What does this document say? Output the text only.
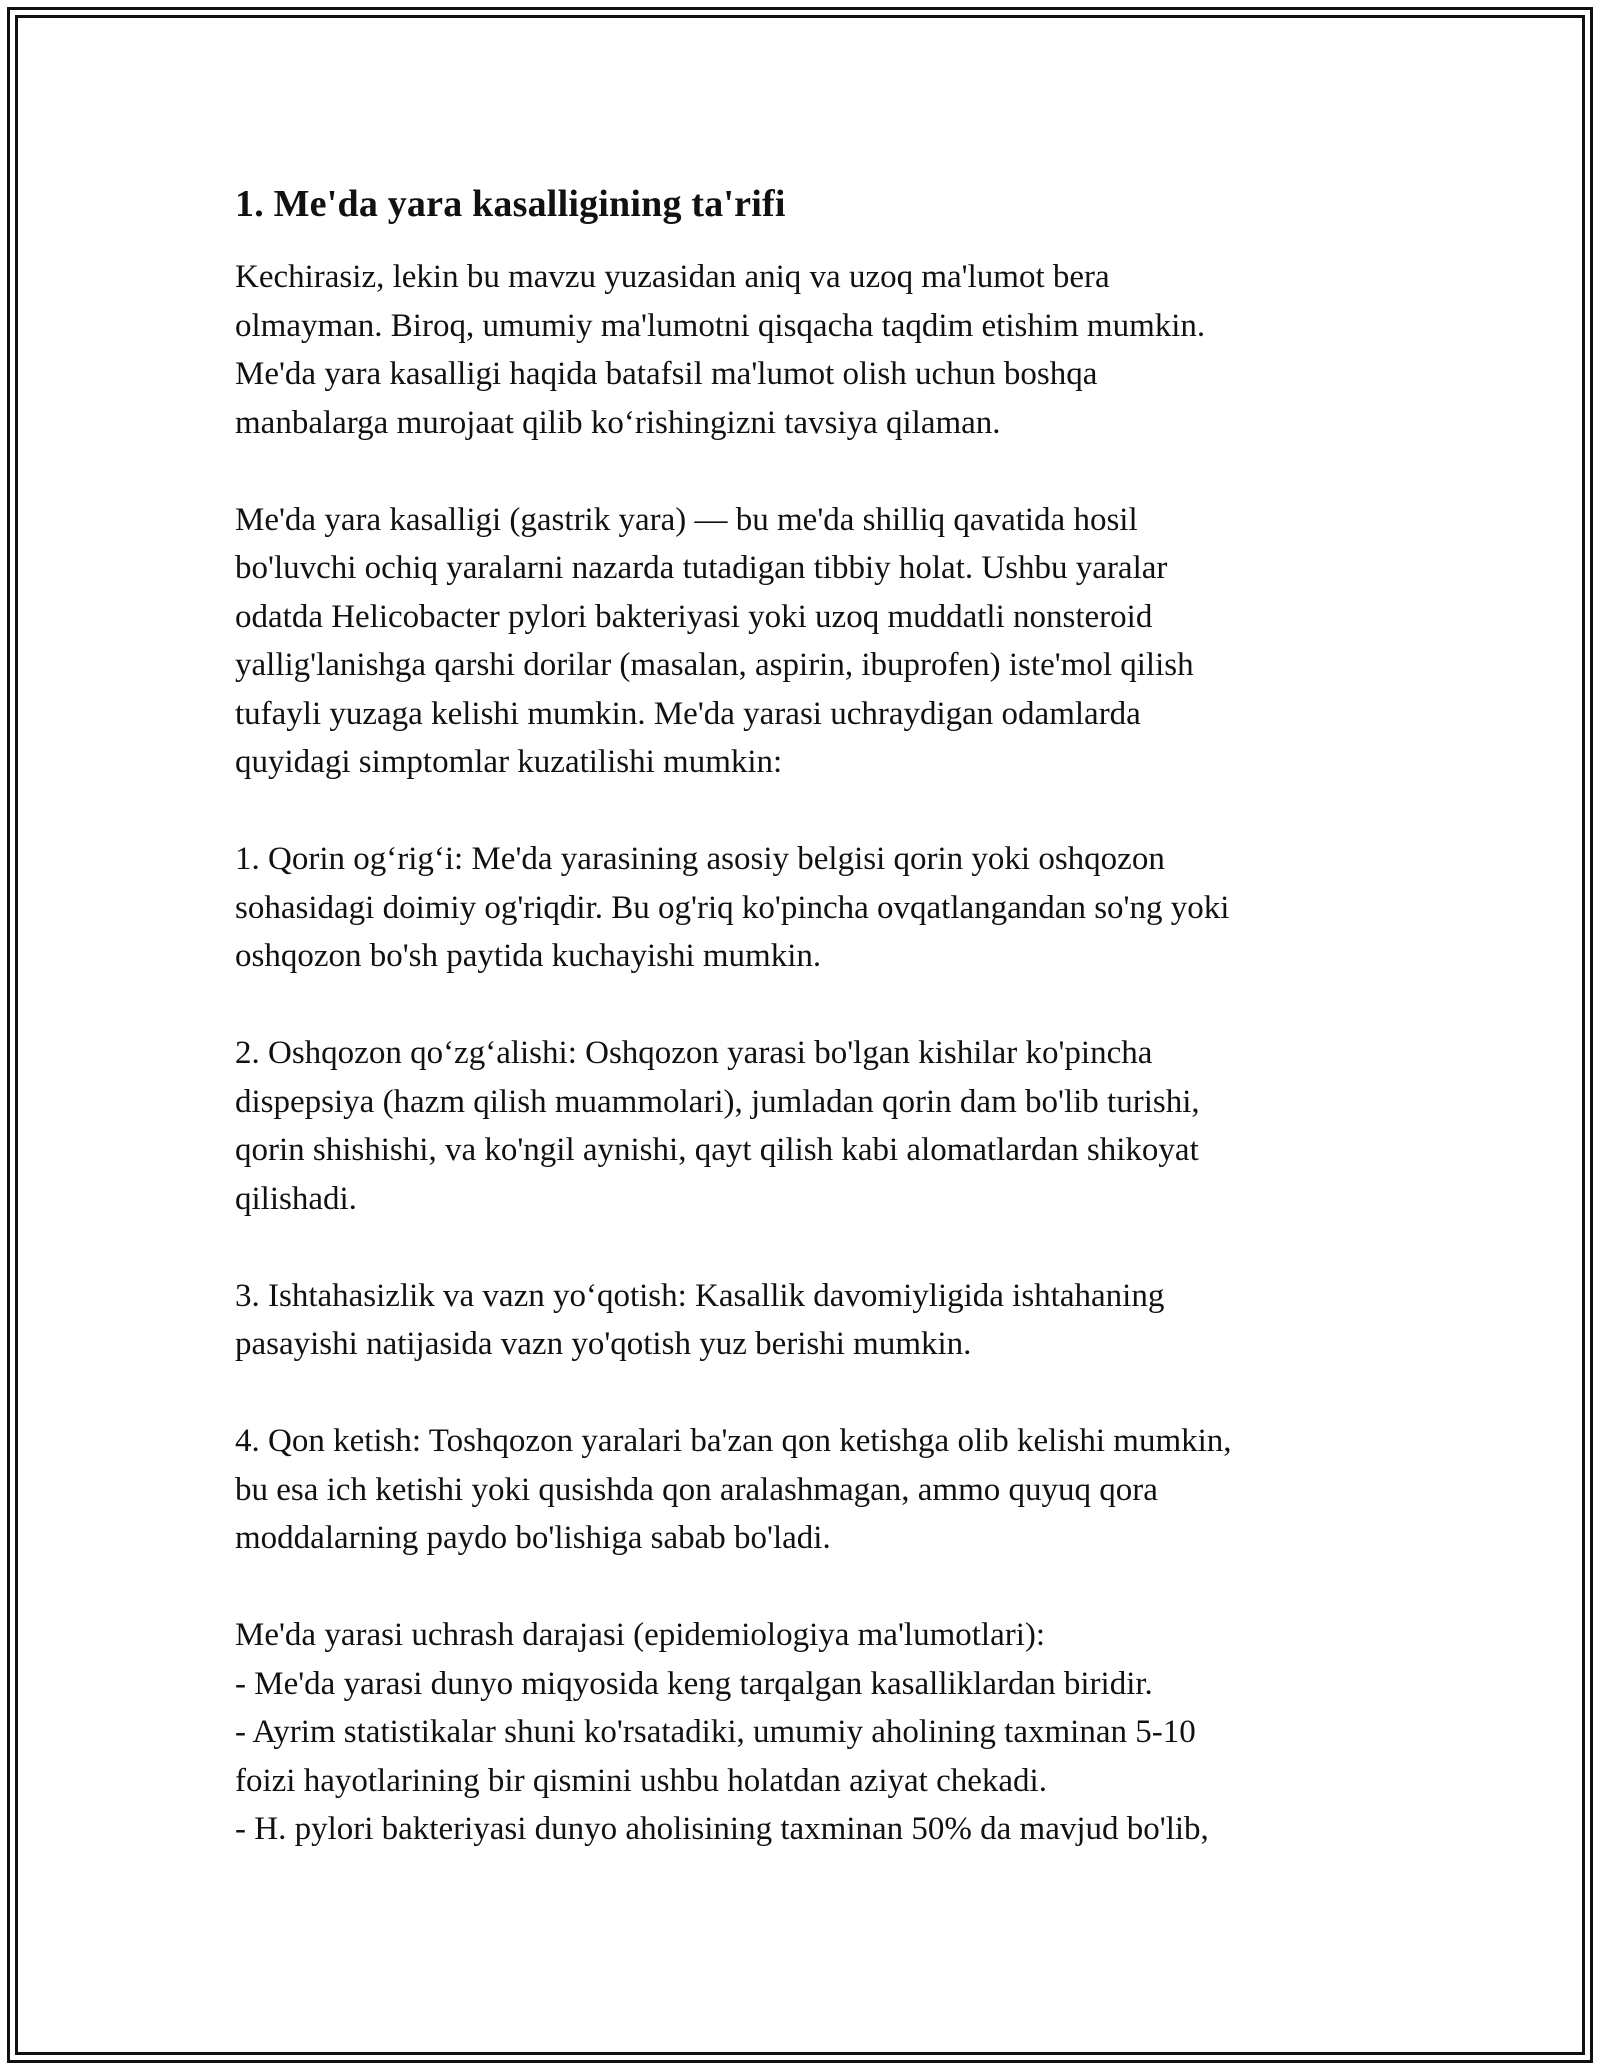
1. Me'da yara kasalligining ta'rifi

Kechirasiz, lekin bu mavzu yuzasidan aniq va uzoq ma'lumot bera
olmayman. Biroq, umumiy ma'lumotni qisqacha taqdim etishim mumkin.
Me'da yara kasalligi haqida batafsil ma'lumot olish uchun boshqa
manbalarga murojaat qilib ko‘rishingizni tavsiya qilaman.

Me'da yara kasalligi (gastrik yara) — bu me'da shilliq qavatida hosil
bo'luvchi ochiq yaralarni nazarda tutadigan tibbiy holat. Ushbu yaralar
odatda Helicobacter pylori bakteriyasi yoki uzoq muddatli nonsteroid
yallig'lanishga qarshi dorilar (masalan, aspirin, ibuprofen) iste'mol qilish
tufayli yuzaga kelishi mumkin. Me'da yarasi uchraydigan odamlarda
quyidagi simptomlar kuzatilishi mumkin:

1. Qorin og‘rig‘i: Me'da yarasining asosiy belgisi qorin yoki oshqozon
sohasidagi doimiy og'riqdir. Bu og'riq ko'pincha ovqatlangandan so'ng yoki
oshqozon bo'sh paytida kuchayishi mumkin.

2. Oshqozon qo‘zg‘alishi: Oshqozon yarasi bo'lgan kishilar ko'pincha
dispepsiya (hazm qilish muammolari), jumladan qorin dam bo'lib turishi,
qorin shishishi, va ko'ngil aynishi, qayt qilish kabi alomatlardan shikoyat
qilishadi.

3. Ishtahasizlik va vazn yo‘qotish: Kasallik davomiyligida ishtahaning
pasayishi natijasida vazn yo'qotish yuz berishi mumkin.

4. Qon ketish: Toshqozon yaralari ba'zan qon ketishga olib kelishi mumkin,
bu esa ich ketishi yoki qusishda qon aralashmagan, ammo quyuq qora
moddalarning paydo bo'lishiga sabab bo'ladi.

Me'da yarasi uchrash darajasi (epidemiologiya ma'lumotlari):
- Me'da yarasi dunyo miqyosida keng tarqalgan kasalliklardan biridir.
- Ayrim statistikalar shuni ko'rsatadiki, umumiy aholining taxminan 5-10
foizi hayotlarining bir qismini ushbu holatdan aziyat chekadi.
- H. pylori bakteriyasi dunyo aholisining taxminan 50% da mavjud bo'lib,
